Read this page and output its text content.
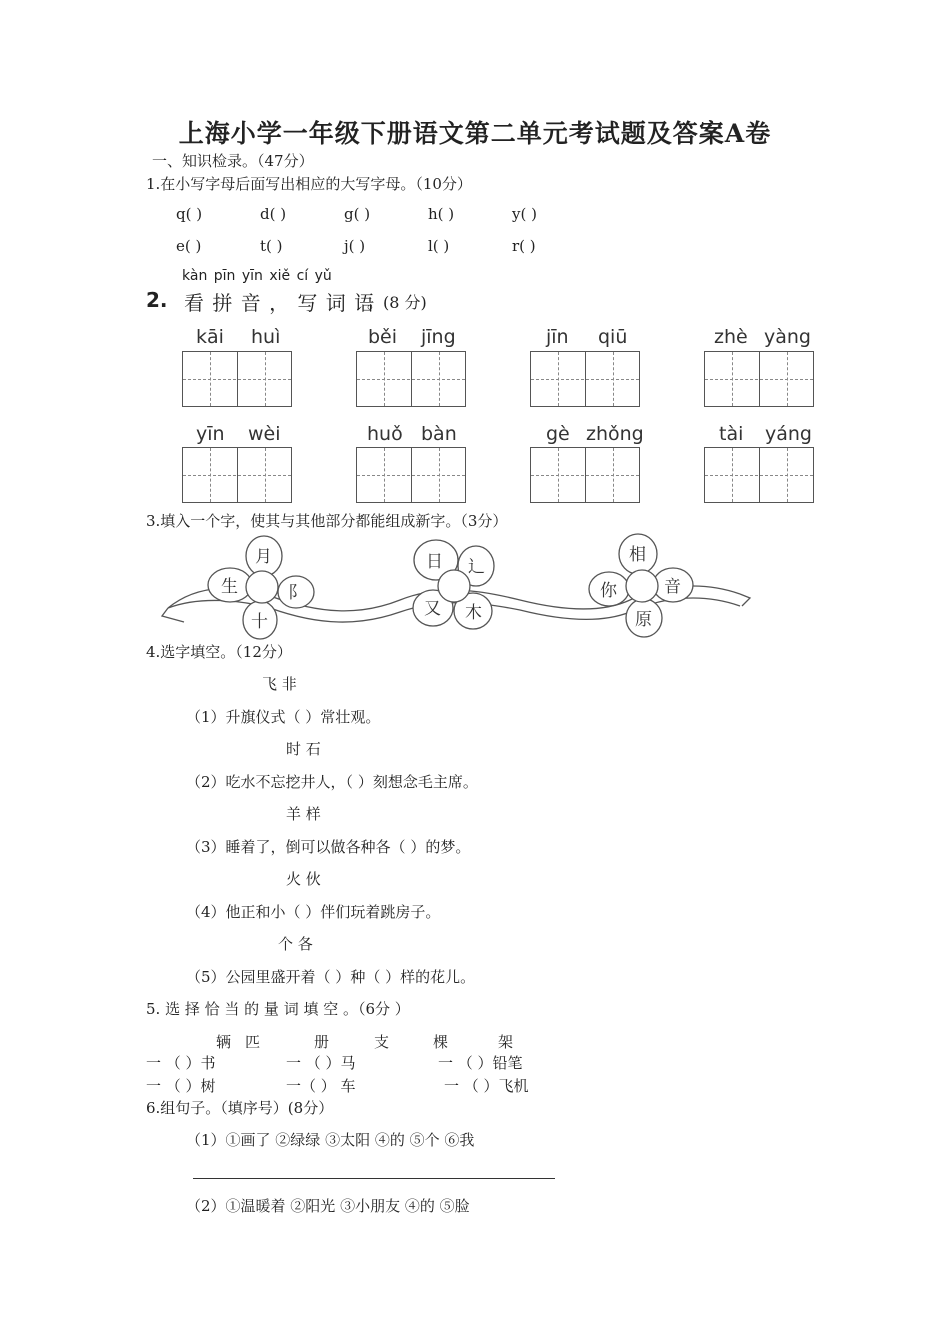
上海小学一年级下册语文第二单元考试题及答案A卷
一、知识检录。（47分）
1.在小写字母后面写出相应的大写字母。（10分）
q( )	d( )	g( )	h( )	y( )
e( )	t( )	j( )	l( )	r( )
kàn pīn yīn xiě cí yǔ
2. 看 拼 音 ， 写 词 语
。(8 分)
kāi huì	běi jīng	jīn qiū	zhè yàng
yīn wèi	huǒ bàn	gè zhǒng	tài yáng
3.填入一个字，使其与其他部分都能组成新字。（3分）
月
生	阝
十
日 辶
又 木
相
你	音
原
4.选字填空。（12分）
飞 非
（1）升旗仪式（ ）常壮观。
时 石
（2）吃水不忘挖井人，（ ）刻想念毛主席。
羊 样
（3）睡着了，倒可以做各种各（ ）的梦。
火 伙
（4）他正和小（ ）伴们玩着跳房子。
个 各
（5）公园里盛开着（ ）种（ ）样的花儿。
5. 选 择 恰 当 的 量 词 填 空 。（6分 ）
辆 匹	册	支	棵	架
一 （ ）书	一 （ ）马	一 （ ）铅笔
一 （ ）树	一（ ） 车	一 （ ）飞机
6.组句子。（填序号）(8分）
（1）①画了 ②绿绿 ③太阳 ④的 ⑤个 ⑥我
（2）①温暖着 ②阳光 ③小朋友 ④的 ⑤脸
